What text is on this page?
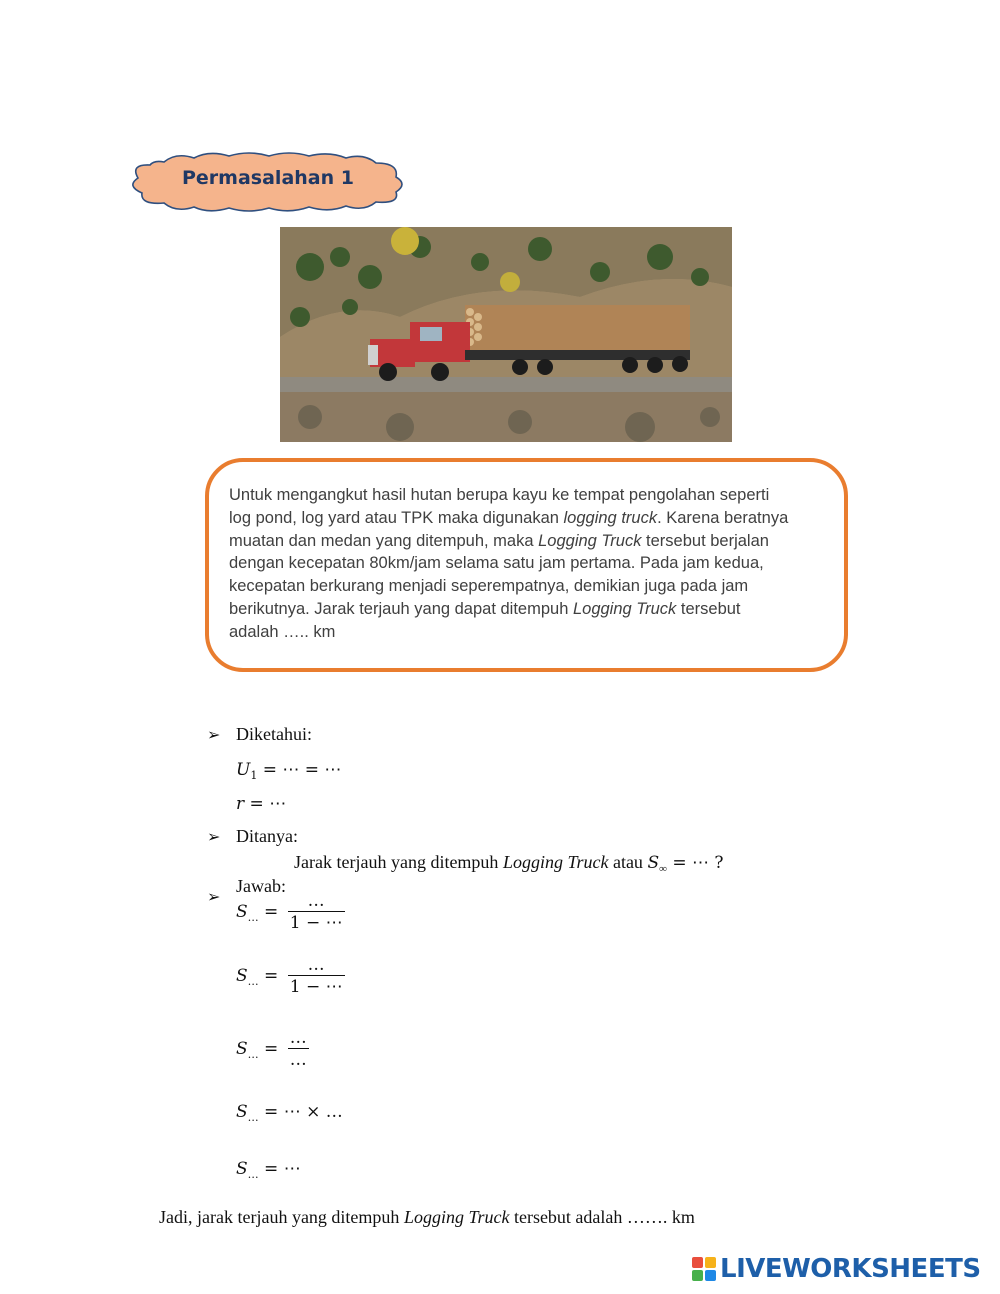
Permasalahan 1
Untuk mengangkut hasil hutan berupa kayu ke tempat pengolahan seperti
log pond, log yard atau TPK maka digunakan logging truck. Karena beratnya
muatan dan medan yang ditempuh, maka Logging Truck tersebut berjalan
dengan kecepatan 80km/jam selama satu jam pertama. Pada jam kedua,
kecepatan berkurang menjadi seperempatnya, demikian juga pada jam
berikutnya. Jarak terjauh yang dapat ditempuh Logging Truck tersebut
adalah ….. km
➢ Diketahui:
$U_1$ = ⋯ = ⋯
r = ⋯
➢ Ditanya:
Jarak terjauh yang ditempuh Logging Truck atau $S_\infty$ = ⋯ ?
➢
Jawab:
$S_\dots = \frac{\dots}{1 - \cdots}$
$S_\dots = \frac{\dots}{1 - \cdots}$
$S_\dots = \frac{\dots}{\dots}$
$S_\dots$ = ⋯ × …
$S_\dots$ = ⋯
Jadi, jarak terjauh yang ditempuh Logging Truck tersebut adalah ……. km
LIVEWORKSHEETS
